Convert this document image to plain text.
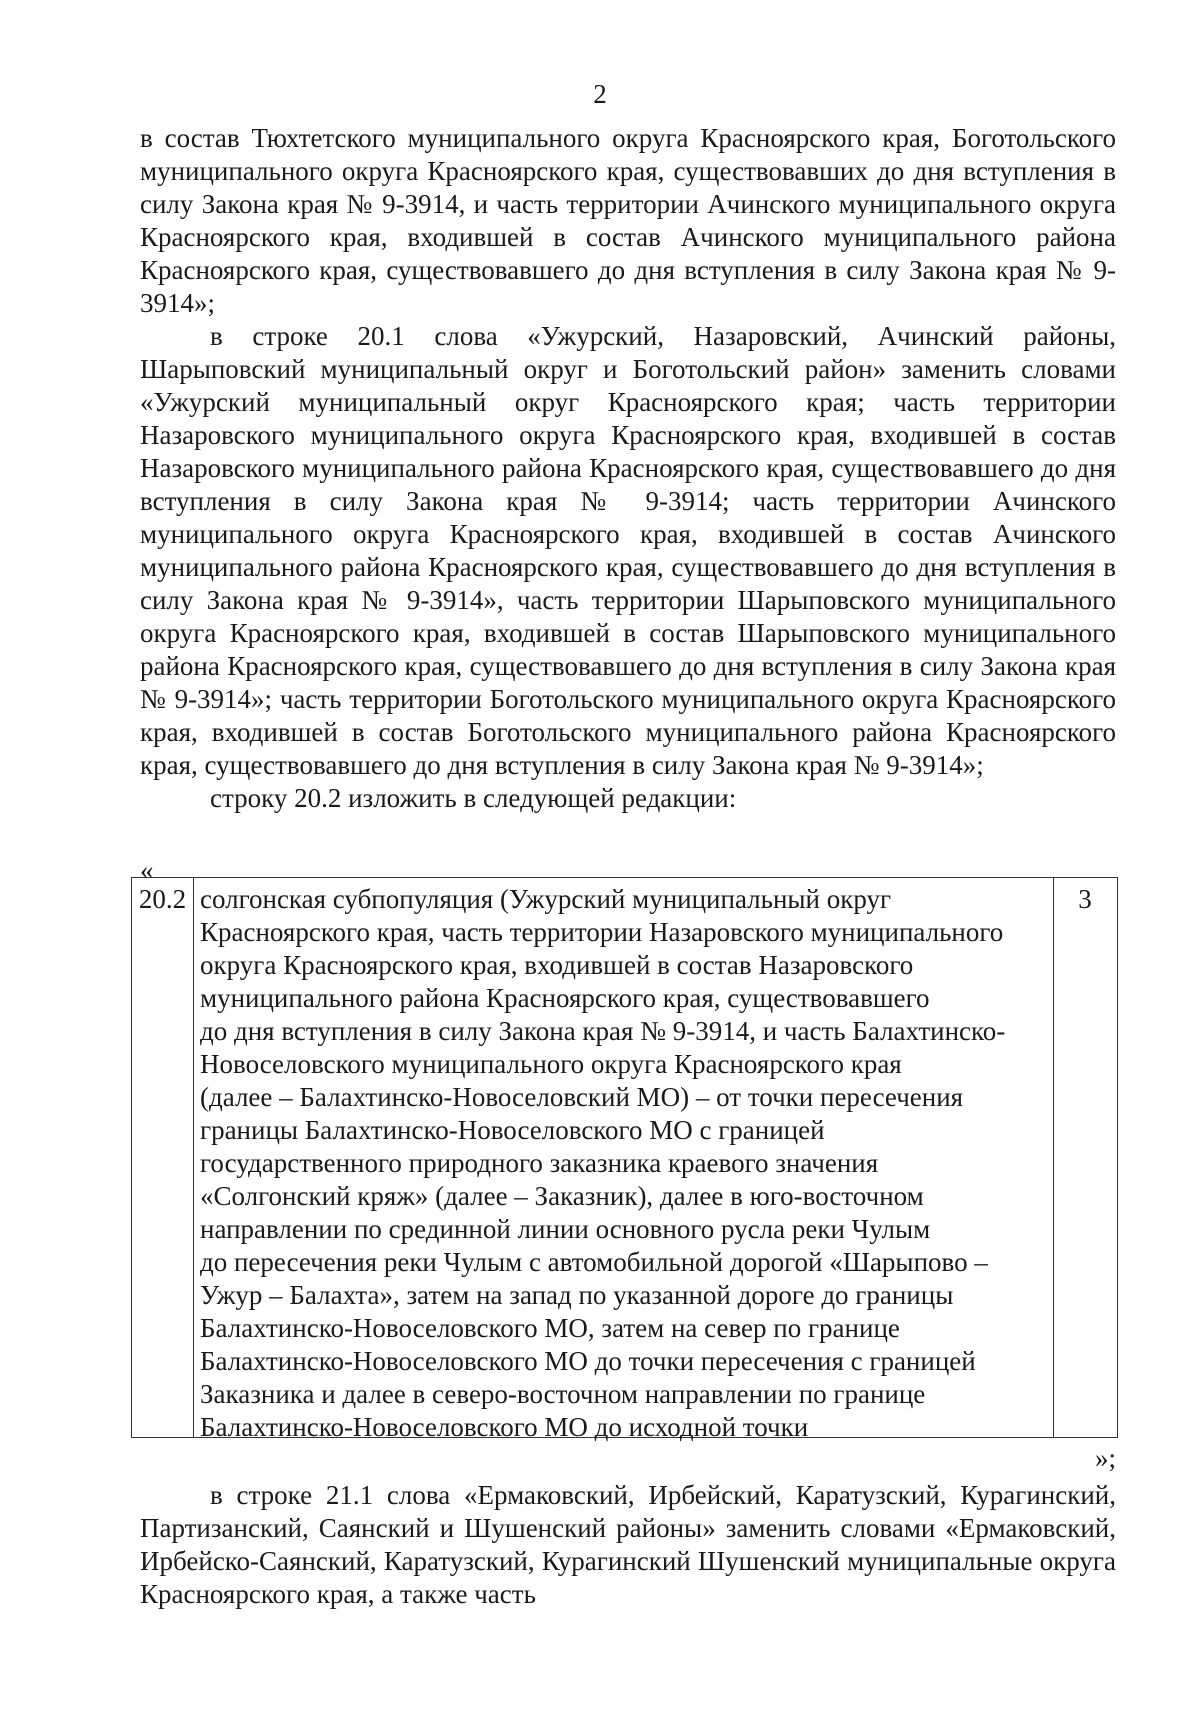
2

в состав Тюхтетского муниципального округа Красноярского края, Боготольского муниципального округа Красноярского края, существовавших до дня вступления в силу Закона края № 9-3914, и часть территории Ачинского муниципального округа Красноярского края, входившей в состав Ачинского муниципального района Красноярского края, существовавшего до дня вступления в силу Закона края № 9-3914»;

в строке 20.1 слова «Ужурский, Назаровский, Ачинский районы, Шарыповский муниципальный округ и Боготольский район» заменить словами «Ужурский муниципальный округ Красноярского края; часть территории Назаровского муниципального округа Красноярского края, входившей в состав Назаровского муниципального района Красноярского края, существовавшего до дня вступления в силу Закона края № 9-3914; часть территории Ачинского муниципального округа Красноярского края, входившей в состав Ачинского муниципального района Красноярского края, существовавшего до дня вступления в силу Закона края № 9-3914», часть территории Шарыповского муниципального округа Красноярского края, входившей в состав Шарыповского муниципального района Красноярского края, существовавшего до дня вступления в силу Закона края № 9-3914»; часть территории Боготольского муниципального округа Красноярского края, входившей в состав Боготольского муниципального района Красноярского края, существовавшего до дня вступления в силу Закона края № 9-3914»;

строку 20.2 изложить в следующей редакции:

«
20.2 солгонская субпопуляция (Ужурский муниципальный округ
Красноярского края, часть территории Назаровского муниципального
округа Красноярского края, входившей в состав Назаровского
муниципального района Красноярского края, существовавшего
до дня вступления в силу Закона края № 9-3914, и часть Балахтинско-
Новоселовского муниципального округа Красноярского края
(далее – Балахтинско-Новоселовский МО) – от точки пересечения
границы Балахтинско-Новоселовского МО с границей
государственного природного заказника краевого значения
«Солгонский кряж» (далее – Заказник), далее в юго-восточном
направлении по срединной линии основного русла реки Чулым
до пересечения реки Чулым с автомобильной дорогой «Шарыпово –
Ужур – Балахта», затем на запад по указанной дороге до границы
Балахтинско-Новоселовского МО, затем на север по границе
Балахтинско-Новоселовского МО до точки пересечения с границей
Заказника и далее в северо-восточном направлении по границе
Балахтинско-Новоселовского МО до исходной точки
3
»;

в строке 21.1 слова «Ермаковский, Ирбейский, Каратузский, Курагинский, Партизанский, Саянский и Шушенский районы» заменить словами «Ермаковский, Ирбейско-Саянский, Каратузский, Курагинский Шушенский муниципальные округа Красноярского края, а также часть
